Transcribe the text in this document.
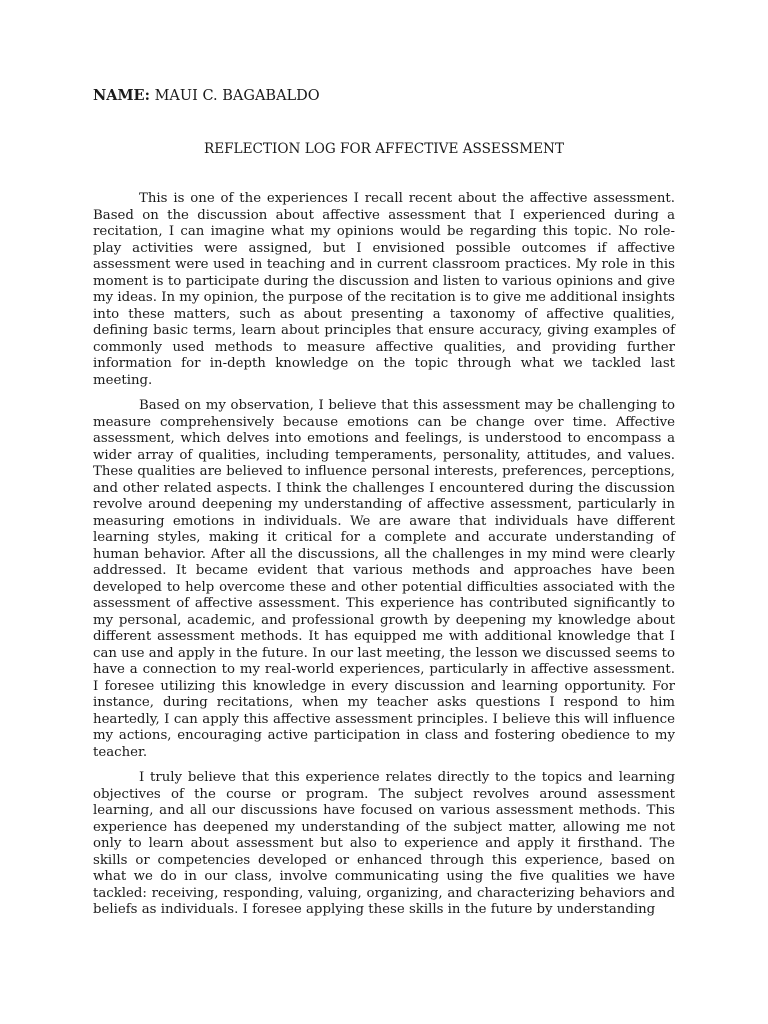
NAME: MAUI C. BAGABALDO
REFLECTION LOG FOR AFFECTIVE ASSESSMENT

This is one of the experiences I recall recent about the affective assessment. Based on the discussion about affective assessment that I experienced during a recitation, I can imagine what my opinions would be regarding this topic. No role-play activities were assigned, but I envisioned possible outcomes if affective assessment were used in teaching and in current classroom practices. My role in this moment is to participate during the discussion and listen to various opinions and give my ideas. In my opinion, the purpose of the recitation is to give me additional insights into these matters, such as about presenting a taxonomy of affective qualities, defining basic terms, learn about principles that ensure accuracy, giving examples of commonly used methods to measure affective qualities, and providing further information for in-depth knowledge on the topic through what we tackled last meeting.

Based on my observation, I believe that this assessment may be challenging to measure comprehensively because emotions can be change over time. Affective assessment, which delves into emotions and feelings, is understood to encompass a wider array of qualities, including temperaments, personality, attitudes, and values. These qualities are believed to influence personal interests, preferences, perceptions, and other related aspects. I think the challenges I encountered during the discussion revolve around deepening my understanding of affective assessment, particularly in measuring emotions in individuals. We are aware that individuals have different learning styles, making it critical for a complete and accurate understanding of human behavior. After all the discussions, all the challenges in my mind were clearly addressed. It became evident that various methods and approaches have been developed to help overcome these and other potential difficulties associated with the assessment of affective assessment. This experience has contributed significantly to my personal, academic, and professional growth by deepening my knowledge about different assessment methods. It has equipped me with additional knowledge that I can use and apply in the future. In our last meeting, the lesson we discussed seems to have a connection to my real-world experiences, particularly in affective assessment. I foresee utilizing this knowledge in every discussion and learning opportunity. For instance, during recitations, when my teacher asks questions I respond to him heartedly, I can apply this affective assessment principles. I believe this will influence my actions, encouraging active participation in class and fostering obedience to my teacher.

I truly believe that this experience relates directly to the topics and learning objectives of the course or program. The subject revolves around assessment learning, and all our discussions have focused on various assessment methods. This experience has deepened my understanding of the subject matter, allowing me not only to learn about assessment but also to experience and apply it firsthand. The skills or competencies developed or enhanced through this experience, based on what we do in our class, involve communicating using the five qualities we have tackled: receiving, responding, valuing, organizing, and characterizing behaviors and beliefs as individuals. I foresee applying these skills in the future by understanding
